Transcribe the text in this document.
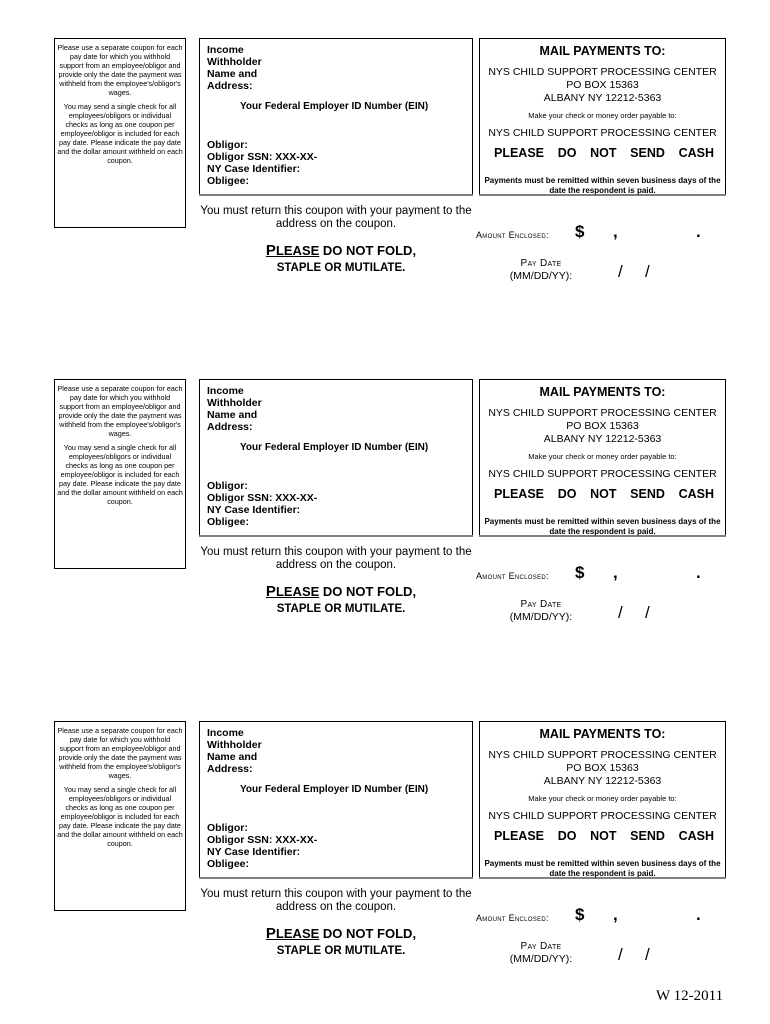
Please use a separate coupon for each pay date for which you withhold support from an employee/obligor and provide only the date the payment was withheld from the employee's/obligor's wages.
You may send a single check for all employees/obligors or individual checks as long as one coupon per employee/obligor is included for each pay date. Please indicate the pay date and the dollar amount withheld on each coupon.
Income
Withholder
Name and
Address:
Your Federal Employer ID Number (EIN)
Obligor:
Obligor SSN: XXX-XX-
NY Case Identifier:
Obligee:
You must return this coupon with your payment to the address on the coupon.
PLEASE DO NOT FOLD,
STAPLE OR MUTILATE.
MAIL PAYMENTS TO:
NYS CHILD SUPPORT PROCESSING CENTER
PO BOX 15363
ALBANY NY 12212-5363
Make your check or money order payable to:
NYS CHILD SUPPORT PROCESSING CENTER
PLEASE DO NOT SEND CASH
Payments must be remitted within seven business days of the date the respondent is paid.
Amount Enclosed: $ ,	.
Pay Date
(MM/DD/YY):	/ /
Please use a separate coupon for each pay date for which you withhold support from an employee/obligor and provide only the date the payment was withheld from the employee's/obligor's wages.
You may send a single check for all employees/obligors or individual checks as long as one coupon per employee/obligor is included for each pay date. Please indicate the pay date and the dollar amount withheld on each coupon.
Income
Withholder
Name and
Address:
Your Federal Employer ID Number (EIN)
Obligor:
Obligor SSN: XXX-XX-
NY Case Identifier:
Obligee:
You must return this coupon with your payment to the address on the coupon.
PLEASE DO NOT FOLD,
STAPLE OR MUTILATE.
MAIL PAYMENTS TO:
NYS CHILD SUPPORT PROCESSING CENTER
PO BOX 15363
ALBANY NY 12212-5363
Make your check or money order payable to:
NYS CHILD SUPPORT PROCESSING CENTER
PLEASE DO NOT SEND CASH
Payments must be remitted within seven business days of the date the respondent is paid.
Amount Enclosed: $ ,	.
Pay Date
(MM/DD/YY):	/ /
Please use a separate coupon for each pay date for which you withhold support from an employee/obligor and provide only the date the payment was withheld from the employee's/obligor's wages.
You may send a single check for all employees/obligors or individual checks as long as one coupon per employee/obligor is included for each pay date. Please indicate the pay date and the dollar amount withheld on each coupon.
Income
Withholder
Name and
Address:
Your Federal Employer ID Number (EIN)
Obligor:
Obligor SSN: XXX-XX-
NY Case Identifier:
Obligee:
You must return this coupon with your payment to the address on the coupon.
PLEASE DO NOT FOLD,
STAPLE OR MUTILATE.
MAIL PAYMENTS TO:
NYS CHILD SUPPORT PROCESSING CENTER
PO BOX 15363
ALBANY NY 12212-5363
Make your check or money order payable to:
NYS CHILD SUPPORT PROCESSING CENTER
PLEASE DO NOT SEND CASH
Payments must be remitted within seven business days of the date the respondent is paid.
Amount Enclosed: $ ,	.
Pay Date
(MM/DD/YY):	/ /
W 12-2011
